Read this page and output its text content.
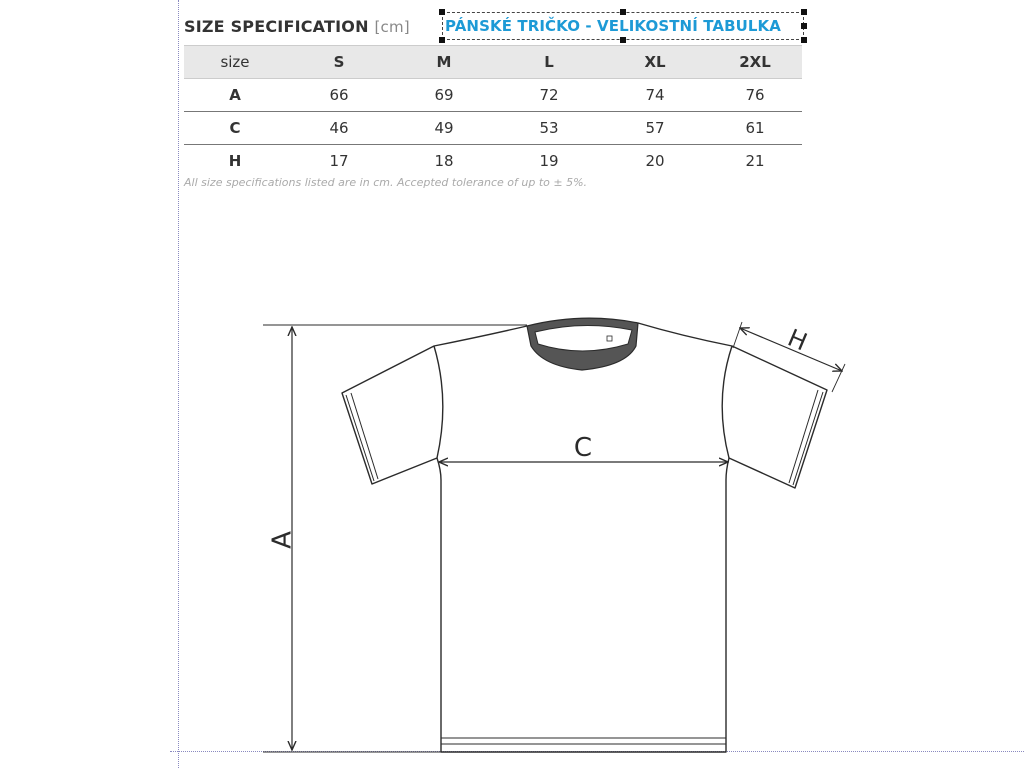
SIZE SPECIFICATION [cm] PÁNSKÉ TRIČKO - VELIKOSTNÍ TABULKA
size	S	M	L	XL	2XL
A	66	69	72	74	76
C	46	49	53	57	61
H	17	18	19	20	21
All size specifications listed are in cm. Accepted tolerance of up to ± 5%.
A
C
H
